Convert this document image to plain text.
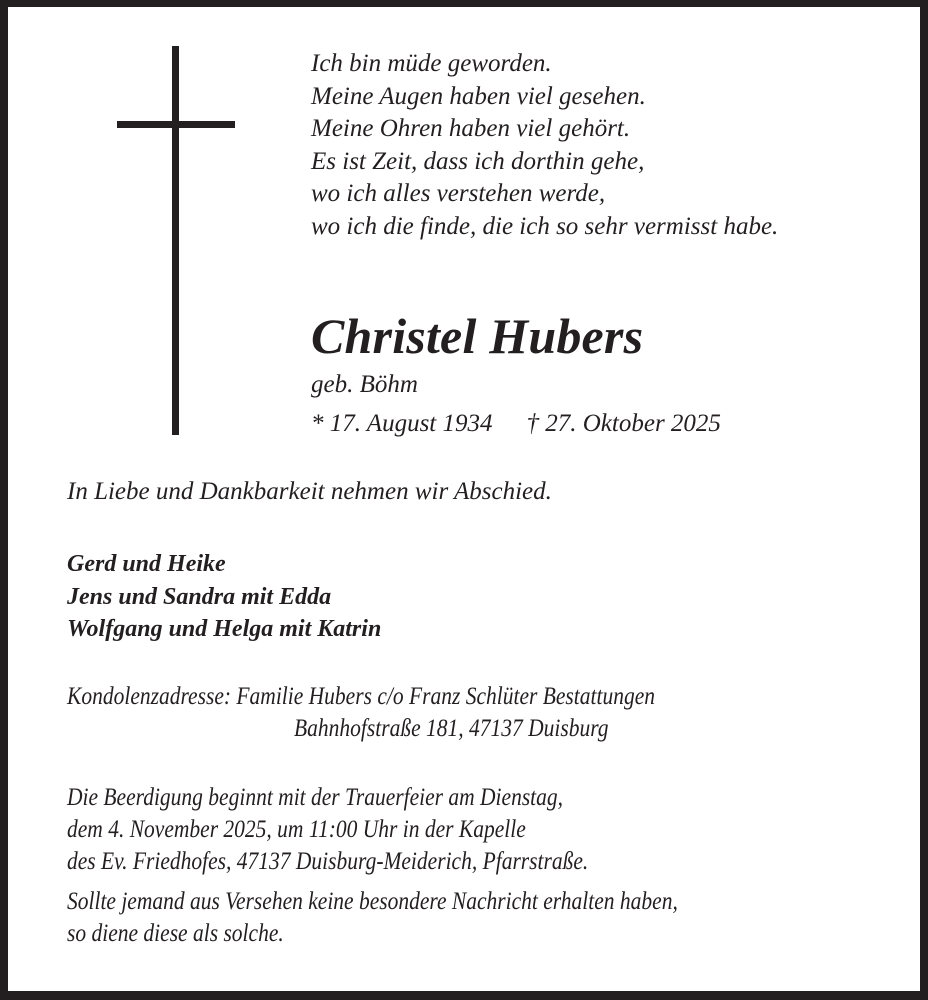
Ich bin müde geworden.
Meine Augen haben viel gesehen.
Meine Ohren haben viel gehört.
Es ist Zeit, dass ich dorthin gehe,
wo ich alles verstehen werde,
wo ich die finde, die ich so sehr vermisst habe.
Christel Hubers
geb. Böhm
* 17. August 1934 † 27. Oktober 2025
In Liebe und Dankbarkeit nehmen wir Abschied.
Gerd und Heike
Jens und Sandra mit Edda
Wolfgang und Helga mit Katrin
Kondolenzadresse: Familie Hubers c/o Franz Schlüter Bestattungen
Bahnhofstraße 181, 47137 Duisburg
Die Beerdigung beginnt mit der Trauerfeier am Dienstag,
dem 4. November 2025, um 11:00 Uhr in der Kapelle
des Ev. Friedhofes, 47137 Duisburg-Meiderich, Pfarrstraße.
Sollte jemand aus Versehen keine besondere Nachricht erhalten haben,
so diene diese als solche.
